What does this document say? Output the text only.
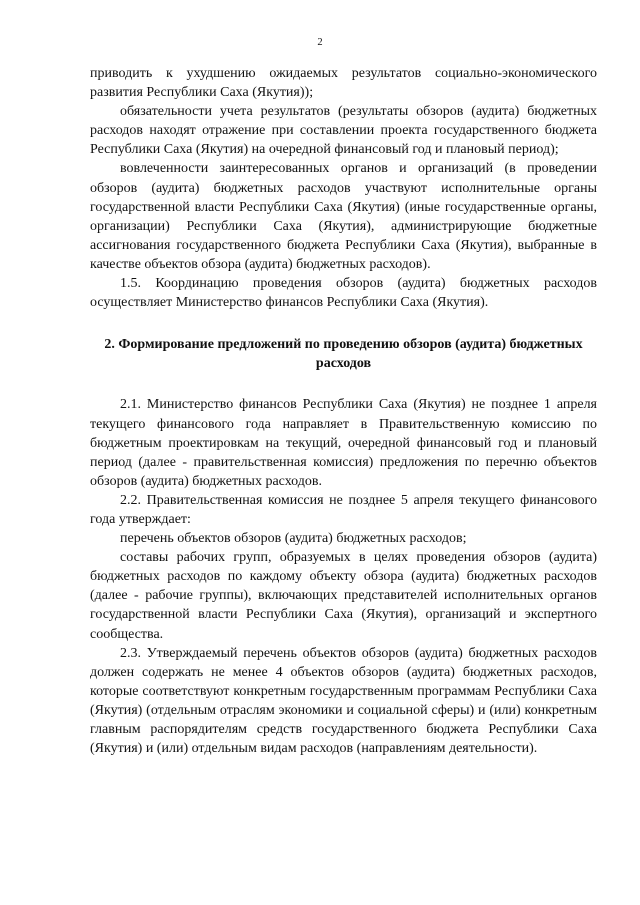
2

приводить к ухудшению ожидаемых результатов социально-экономического развития Республики Саха (Якутия));

обязательности учета результатов (результаты обзоров (аудита) бюджетных расходов находят отражение при составлении проекта государственного бюджета Республики Саха (Якутия) на очередной финансовый год и плановый период);

вовлеченности заинтересованных органов и организаций (в проведении обзоров (аудита) бюджетных расходов участвуют исполнительные органы государственной власти Республики Саха (Якутия) (иные государственные органы, организации) Республики Саха (Якутия), администрирующие бюджетные ассигнования государственного бюджета Республики Саха (Якутия), выбранные в качестве объектов обзора (аудита) бюджетных расходов).

1.5. Координацию проведения обзоров (аудита) бюджетных расходов осуществляет Министерство финансов Республики Саха (Якутия).

2. Формирование предложений по проведению обзоров (аудита) бюджетных расходов

2.1. Министерство финансов Республики Саха (Якутия) не позднее 1 апреля текущего финансового года направляет в Правительственную комиссию по бюджетным проектировкам на текущий, очередной финансовый год и плановый период (далее - правительственная комиссия) предложения по перечню объектов обзоров (аудита) бюджетных расходов.

2.2. Правительственная комиссия не позднее 5 апреля текущего финансового года утверждает:

перечень объектов обзоров (аудита) бюджетных расходов;

составы рабочих групп, образуемых в целях проведения обзоров (аудита) бюджетных расходов по каждому объекту обзора (аудита) бюджетных расходов (далее - рабочие группы), включающих представителей исполнительных органов государственной власти Республики Саха (Якутия), организаций и экспертного сообщества.

2.3. Утверждаемый перечень объектов обзоров (аудита) бюджетных расходов должен содержать не менее 4 объектов обзоров (аудита) бюджетных расходов, которые соответствуют конкретным государственным программам Республики Саха (Якутия) (отдельным отраслям экономики и социальной сферы) и (или) конкретным главным распорядителям средств государственного бюджета Республики Саха (Якутия) и (или) отдельным видам расходов (направлениям деятельности).
